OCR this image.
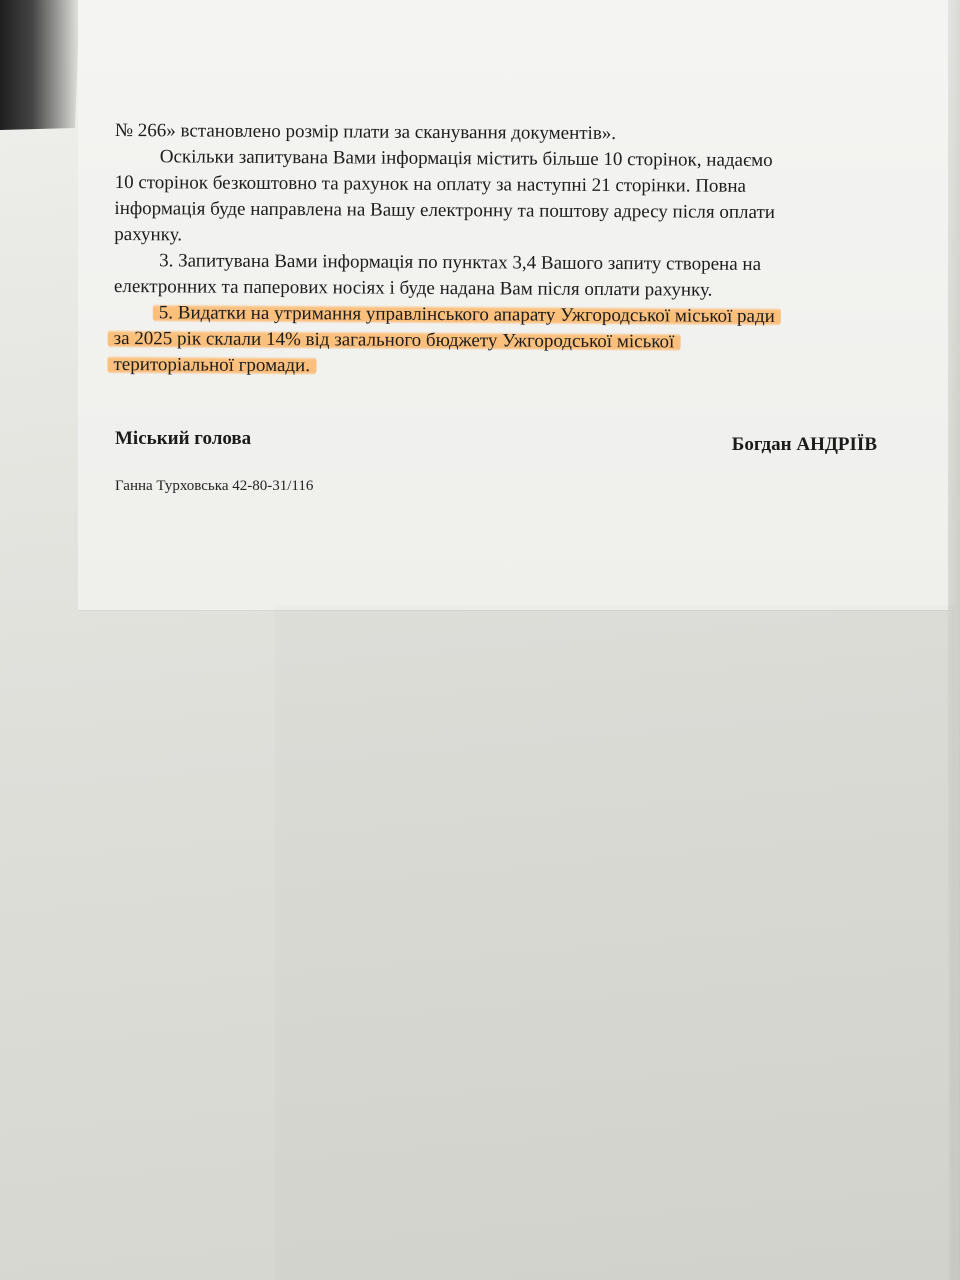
№ 266» встановлено розмір плати за сканування документів».

Оскільки запитувана Вами інформація містить більше 10 сторінок, надаємо
10 сторінок безкоштовно та рахунок на оплату за наступні 21 сторінки. Повна
інформація буде направлена на Вашу електронну та поштову адресу після оплати
рахунку.

3. Запитувана Вами інформація по пунктах 3,4 Вашого запиту створена на
електронних та паперових носіях і буде надана Вам після оплати рахунку.

5. Видатки на утримання управлінського апарату Ужгородської міської ради
за 2025 рік склали 14% від загального бюджету Ужгородської міської
територіальної громади.

Міський голова	Богдан АНДРІЇВ
Ганна Турховська 42-80-31/116
